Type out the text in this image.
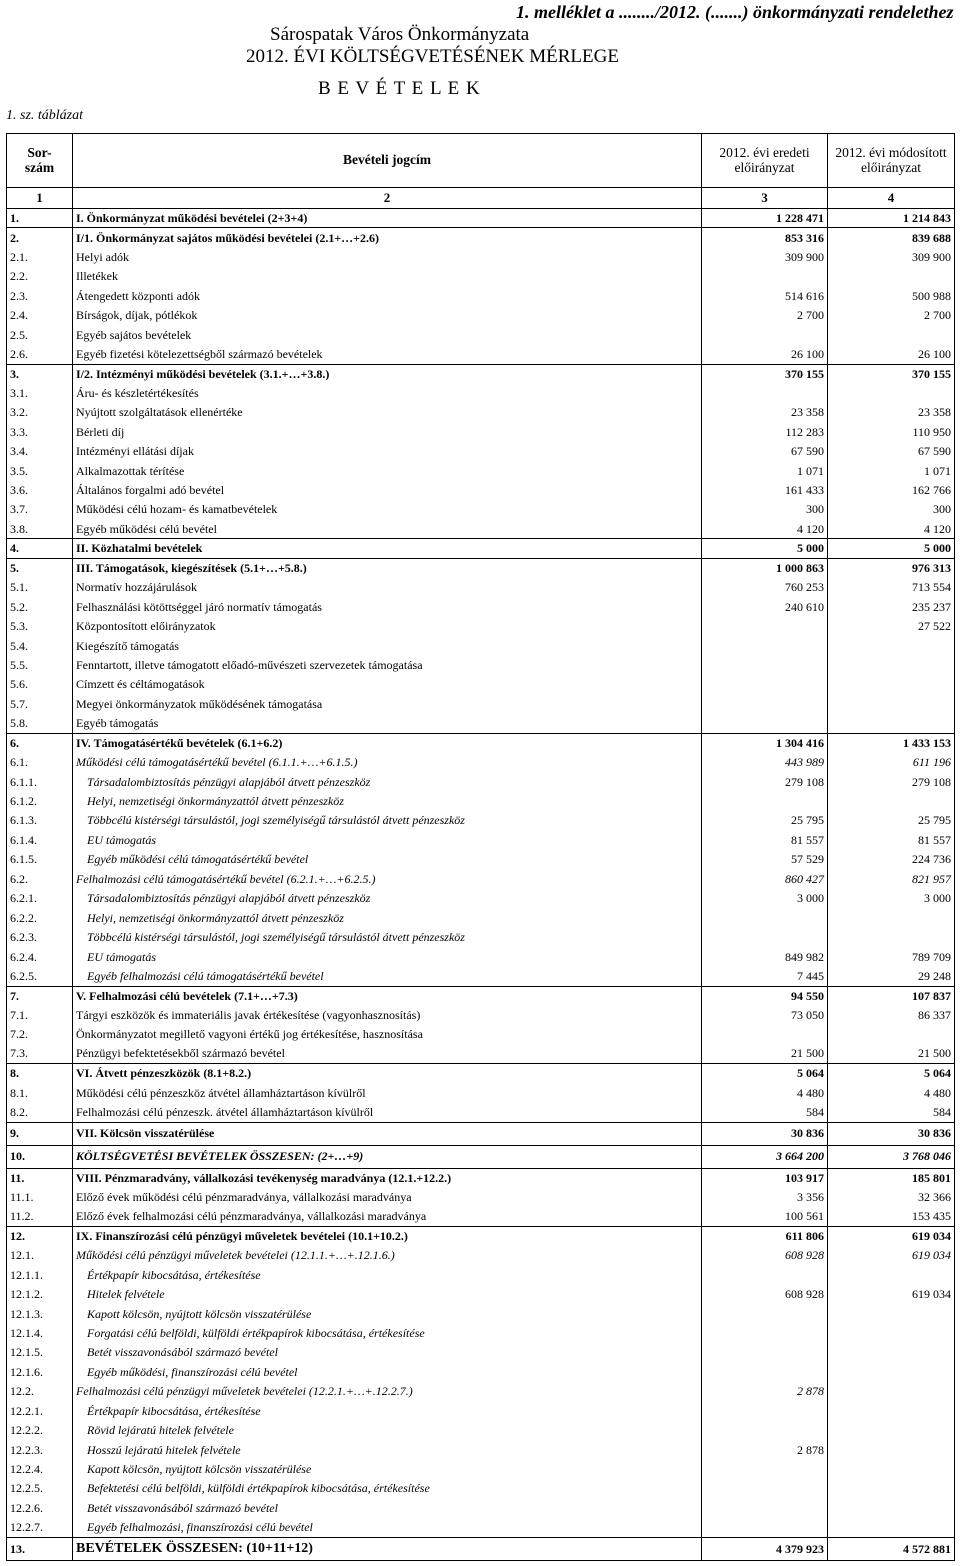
1. melléklet a ......../2012. (.......) önkormányzati rendelethez
Sárospatak Város Önkormányzata
2012. ÉVI KÖLTSÉGVETÉSÉNEK MÉRLEGE
B E V É T E L E K
1. sz. táblázat
Sor-
szám	Bevételi jogcím	2012. évi eredeti
előirányzat	2012. évi módosított
előirányzat
1	2	3	4
1.	I. Önkormányzat működési bevételei (2+3+4)	1 228 471	1 214 843
2.	I/1. Önkormányzat sajátos működési bevételei (2.1+…+2.6)	853 316	839 688
2.1.	Helyi adók	309 900	309 900
2.2.	Illetékek		
2.3.	Átengedett központi adók	514 616	500 988
2.4.	Bírságok, díjak, pótlékok	2 700	2 700
2.5.	Egyéb sajátos bevételek		
2.6.	Egyéb fizetési kötelezettségből származó bevételek	26 100	26 100
3.	I/2. Intézményi működési bevételek (3.1.+…+3.8.)	370 155	370 155
3.1.	Áru- és készletértékesítés		
3.2.	Nyújtott szolgáltatások ellenértéke	23 358	23 358
3.3.	Bérleti díj	112 283	110 950
3.4.	Intézményi ellátási díjak	67 590	67 590
3.5.	Alkalmazottak térítése	1 071	1 071
3.6.	Általános forgalmi adó bevétel	161 433	162 766
3.7.	Működési célú hozam- és kamatbevételek	300	300
3.8.	Egyéb működési célú bevétel	4 120	4 120
4.	II. Közhatalmi bevételek	5 000	5 000
5.	III. Támogatások, kiegészítések (5.1+…+5.8.)	1 000 863	976 313
5.1.	Normatív hozzájárulások	760 253	713 554
5.2.	Felhasználási kötöttséggel járó normatív támogatás	240 610	235 237
5.3.	Központosított előirányzatok		27 522
5.4.	Kiegészítő támogatás		
5.5.	Fenntartott, illetve támogatott előadó-művészeti szervezetek támogatása		
5.6.	Címzett és céltámogatások		
5.7.	Megyei önkormányzatok működésének támogatása		
5.8.	Egyéb támogatás		
6.	IV. Támogatásértékű bevételek (6.1+6.2)	1 304 416	1 433 153
6.1.	Működési célú támogatásértékű bevétel (6.1.1.+…+6.1.5.)	443 989	611 196
6.1.1.	Társadalombiztosítás pénzügyi alapjából átvett pénzeszköz	279 108	279 108
6.1.2.	Helyi, nemzetiségi önkormányzattól átvett pénzeszköz		
6.1.3.	Többcélú kistérségi társulástól, jogi személyiségű társulástól átvett pénzeszköz	25 795	25 795
6.1.4.	EU támogatás	81 557	81 557
6.1.5.	Egyéb működési célú támogatásértékű bevétel	57 529	224 736
6.2.	Felhalmozási célú támogatásértékű bevétel (6.2.1.+…+6.2.5.)	860 427	821 957
6.2.1.	Társadalombiztosítás pénzügyi alapjából átvett pénzeszköz	3 000	3 000
6.2.2.	Helyi, nemzetiségi önkormányzattól átvett pénzeszköz		
6.2.3.	Többcélú kistérségi társulástól, jogi személyiségű társulástól átvett pénzeszköz		
6.2.4.	EU támogatás	849 982	789 709
6.2.5.	Egyéb felhalmozási célú támogatásértékű bevétel	7 445	29 248
7.	V. Felhalmozási célú bevételek (7.1+…+7.3)	94 550	107 837
7.1.	Tárgyi eszközök és immateriális javak értékesítése (vagyonhasznosítás)	73 050	86 337
7.2.	Önkormányzatot megillető vagyoni értékű jog értékesítése, hasznosítása		
7.3.	Pénzügyi befektetésekből származó bevétel	21 500	21 500
8.	VI. Átvett pénzeszközök (8.1+8.2.)	5 064	5 064
8.1.	Működési célú pénzeszköz átvétel államháztartáson kívülről	4 480	4 480
8.2.	Felhalmozási célú pénzeszk. átvétel államháztartáson kívülről	584	584
9.	VII. Kölcsön visszatérülése	30 836	30 836
10.	KÖLTSÉGVETÉSI BEVÉTELEK ÖSSZESEN: (2+…+9)	3 664 200	3 768 046
11.	VIII. Pénzmaradvány, vállalkozási tevékenység maradványa (12.1.+12.2.)	103 917	185 801
11.1.	Előző évek működési célú pénzmaradványa, vállalkozási maradványa	3 356	32 366
11.2.	Előző évek felhalmozási célú pénzmaradványa, vállalkozási maradványa	100 561	153 435
12.	IX. Finanszírozási célú pénzügyi műveletek bevételei (10.1+10.2.)	611 806	619 034
12.1.	Működési célú pénzügyi műveletek bevételei (12.1.1.+…+.12.1.6.)	608 928	619 034
12.1.1.	Értékpapír kibocsátása, értékesítése		
12.1.2.	Hitelek felvétele	608 928	619 034
12.1.3.	Kapott kölcsön, nyújtott kölcsön visszatérülése		
12.1.4.	Forgatási célú belföldi, külföldi értékpapírok kibocsátása, értékesítése		
12.1.5.	Betét visszavonásából származó bevétel		
12.1.6.	Egyéb működési, finanszírozási célú bevétel		
12.2.	Felhalmozási célú pénzügyi műveletek bevételei (12.2.1.+…+.12.2.7.)	2 878	
12.2.1.	Értékpapír kibocsátása, értékesítése		
12.2.2.	Rövid lejáratú hitelek felvétele		
12.2.3.	Hosszú lejáratú hitelek felvétele	2 878	
12.2.4.	Kapott kölcsön, nyújtott kölcsön visszatérülése		
12.2.5.	Befektetési célú belföldi, külföldi értékpapírok kibocsátása, értékesítése		
12.2.6.	Betét visszavonásából származó bevétel		
12.2.7.	Egyéb felhalmozási, finanszírozási célú bevétel		
13.	BEVÉTELEK ÖSSZESEN: (10+11+12)	4 379 923	4 572 881
